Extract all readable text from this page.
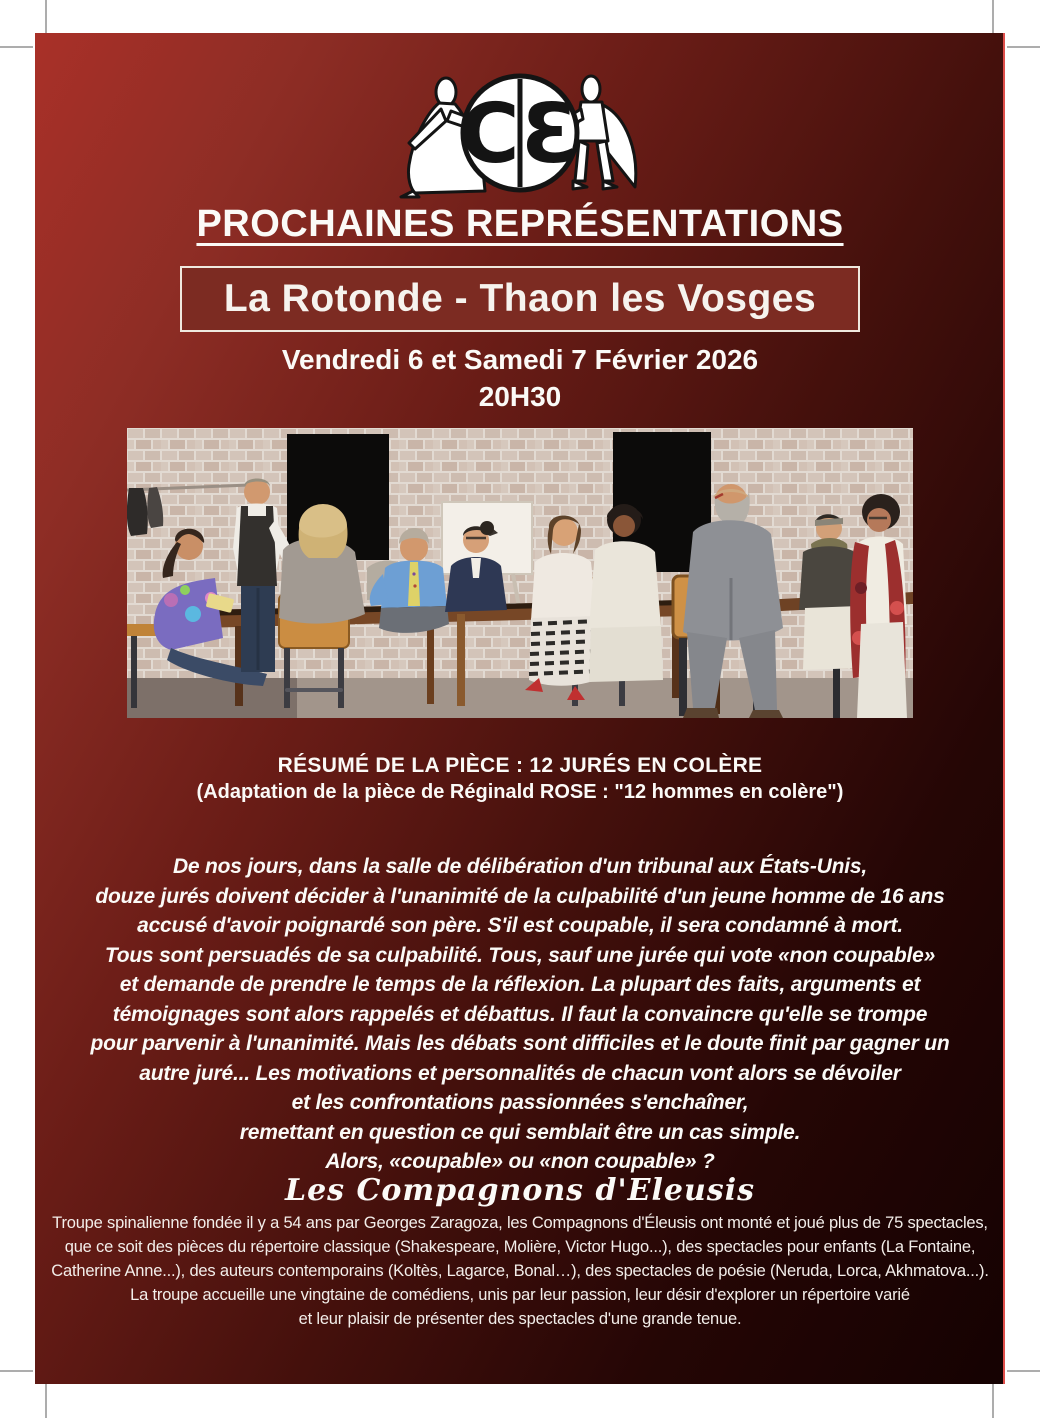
CƐ
PROCHAINES REPRÉSENTATIONS
La Rotonde - Thaon les Vosges
Vendredi 6 et Samedi 7 Février 2026
20H30
RÉSUMÉ DE LA PIÈCE : 12 JURÉS EN COLÈRE
(Adaptation de la pièce de Réginald ROSE : "12 hommes en colère")
De nos jours, dans la salle de délibération d'un tribunal aux États-Unis,
douze jurés doivent décider à l'unanimité de la culpabilité d'un jeune homme de 16 ans
accusé d'avoir poignardé son père. S'il est coupable, il sera condamné à mort.
Tous sont persuadés de sa culpabilité. Tous, sauf une jurée qui vote «non coupable»
et demande de prendre le temps de la réflexion. La plupart des faits, arguments et
témoignages sont alors rappelés et débattus. Il faut la convaincre qu'elle se trompe
pour parvenir à l'unanimité. Mais les débats sont difficiles et le doute finit par gagner un
autre juré... Les motivations et personnalités de chacun vont alors se dévoiler
et les confrontations passionnées s'enchaîner,
remettant en question ce qui semblait être un cas simple.
Alors, «coupable» ou «non coupable» ?
Les Compagnons d'Eleusis
Troupe spinalienne fondée il y a 54 ans par Georges Zaragoza, les Compagnons d'Éleusis ont monté et joué plus de 75 spectacles,
que ce soit des pièces du répertoire classique (Shakespeare, Molière, Victor Hugo...), des spectacles pour enfants (La Fontaine,
Catherine Anne...), des auteurs contemporains (Koltès, Lagarce, Bonal…), des spectacles de poésie (Neruda, Lorca, Akhmatova...).
La troupe accueille une vingtaine de comédiens, unis par leur passion, leur désir d'explorer un répertoire varié
et leur plaisir de présenter des spectacles d'une grande tenue.
